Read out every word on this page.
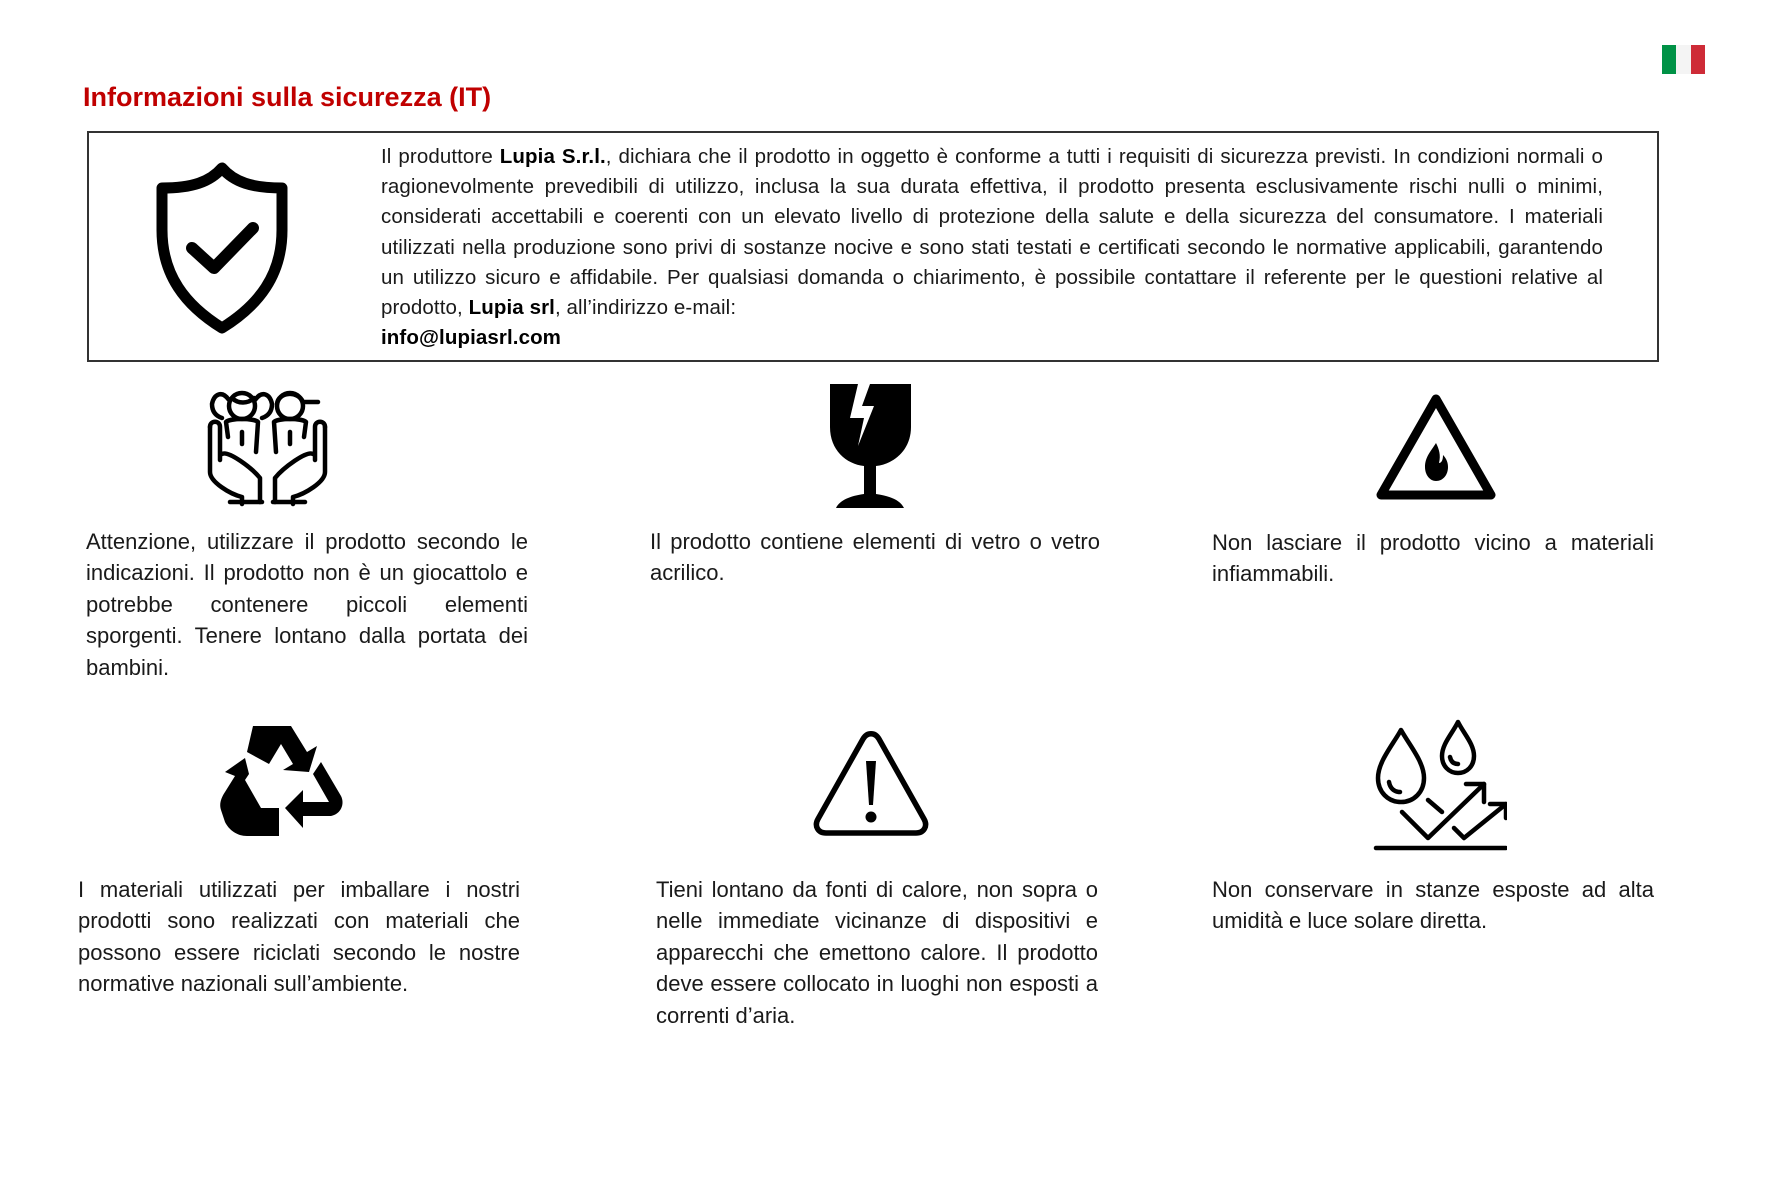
Informazioni sulla sicurezza (IT)
Il produttore Lupia S.r.l., dichiara che il prodotto in oggetto è conforme a tutti i requisiti di sicurezza previsti. In condizioni normali o ragionevolmente prevedibili di utilizzo, inclusa la sua durata effettiva, il prodotto presenta esclusivamente rischi nulli o minimi, considerati accettabili e coerenti con un elevato livello di protezione della salute e della sicurezza del consumatore. I materiali utilizzati nella produzione sono privi di sostanze nocive e sono stati testati e certificati secondo le normative applicabili, garantendo un utilizzo sicuro e affidabile. Per qualsiasi domanda o chiarimento, è possibile contattare il referente per le questioni relative al prodotto, Lupia srl, all’indirizzo e-mail:
info@lupiasrl.com
Attenzione, utilizzare il prodotto secondo le indicazioni. Il prodotto non è un giocattolo e potrebbe contenere piccoli elementi sporgenti. Tenere lontano dalla portata dei bambini.
Il prodotto contiene elementi di vetro o vetro acrilico.
Non lasciare il prodotto vicino a materiali infiammabili.
I materiali utilizzati per imballare i nostri prodotti sono realizzati con materiali che possono essere riciclati secondo le nostre normative nazionali sull’ambiente.
Tieni lontano da fonti di calore, non sopra o nelle immediate vicinanze di dispositivi e apparecchi che emettono calore. Il prodotto deve essere collocato in luoghi non esposti a correnti d’aria.
Non conservare in stanze esposte ad alta umidità e luce solare diretta.
